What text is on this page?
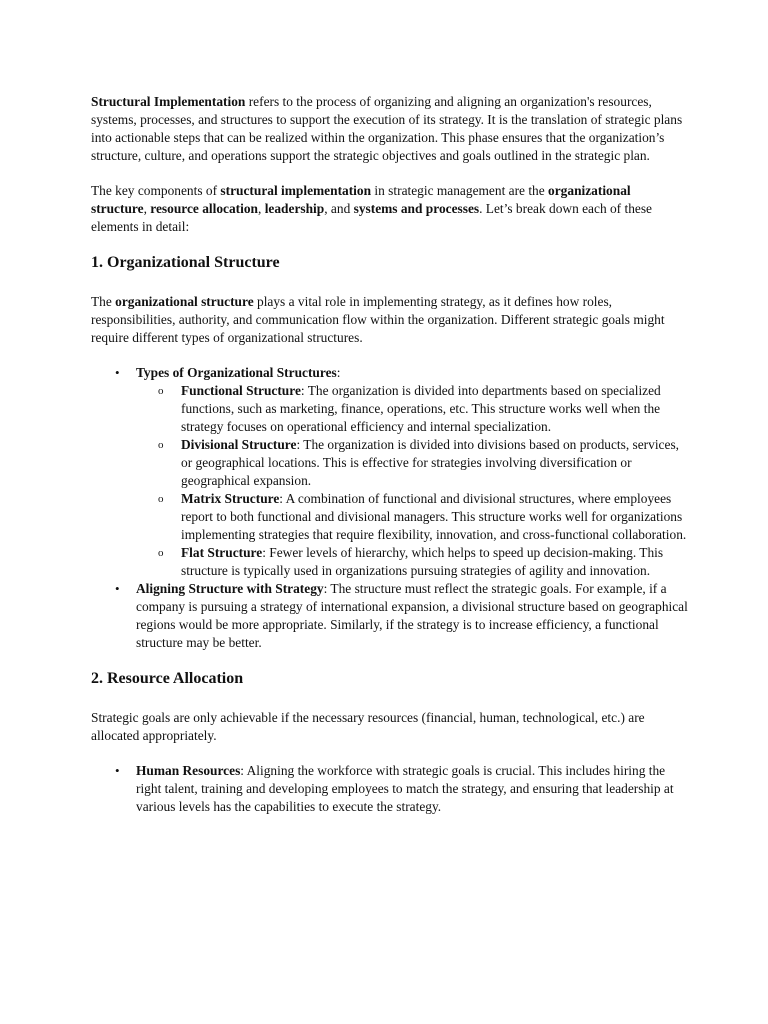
Structural Implementation refers to the process of organizing and aligning an organization's resources, systems, processes, and structures to support the execution of its strategy. It is the translation of strategic plans into actionable steps that can be realized within the organization. This phase ensures that the organization’s structure, culture, and operations support the strategic objectives and goals outlined in the strategic plan.

The key components of structural implementation in strategic management are the organizational structure, resource allocation, leadership, and systems and processes. Let’s break down each of these elements in detail:

1. Organizational Structure

The organizational structure plays a vital role in implementing strategy, as it defines how roles, responsibilities, authority, and communication flow within the organization. Different strategic goals might require different types of organizational structures.

• Types of Organizational Structures:
o Functional Structure: The organization is divided into departments based on specialized functions, such as marketing, finance, operations, etc. This structure works well when the strategy focuses on operational efficiency and internal specialization.
o Divisional Structure: The organization is divided into divisions based on products, services, or geographical locations. This is effective for strategies involving diversification or geographical expansion.
o Matrix Structure: A combination of functional and divisional structures, where employees report to both functional and divisional managers. This structure works well for organizations implementing strategies that require flexibility, innovation, and cross-functional collaboration.
o Flat Structure: Fewer levels of hierarchy, which helps to speed up decision-making. This structure is typically used in organizations pursuing strategies of agility and innovation.
• Aligning Structure with Strategy: The structure must reflect the strategic goals. For example, if a company is pursuing a strategy of international expansion, a divisional structure based on geographical regions would be more appropriate. Similarly, if the strategy is to increase efficiency, a functional structure may be better.
2. Resource Allocation

Strategic goals are only achievable if the necessary resources (financial, human, technological, etc.) are allocated appropriately.

• Human Resources: Aligning the workforce with strategic goals is crucial. This includes hiring the right talent, training and developing employees to match the strategy, and ensuring that leadership at various levels has the capabilities to execute the strategy.
